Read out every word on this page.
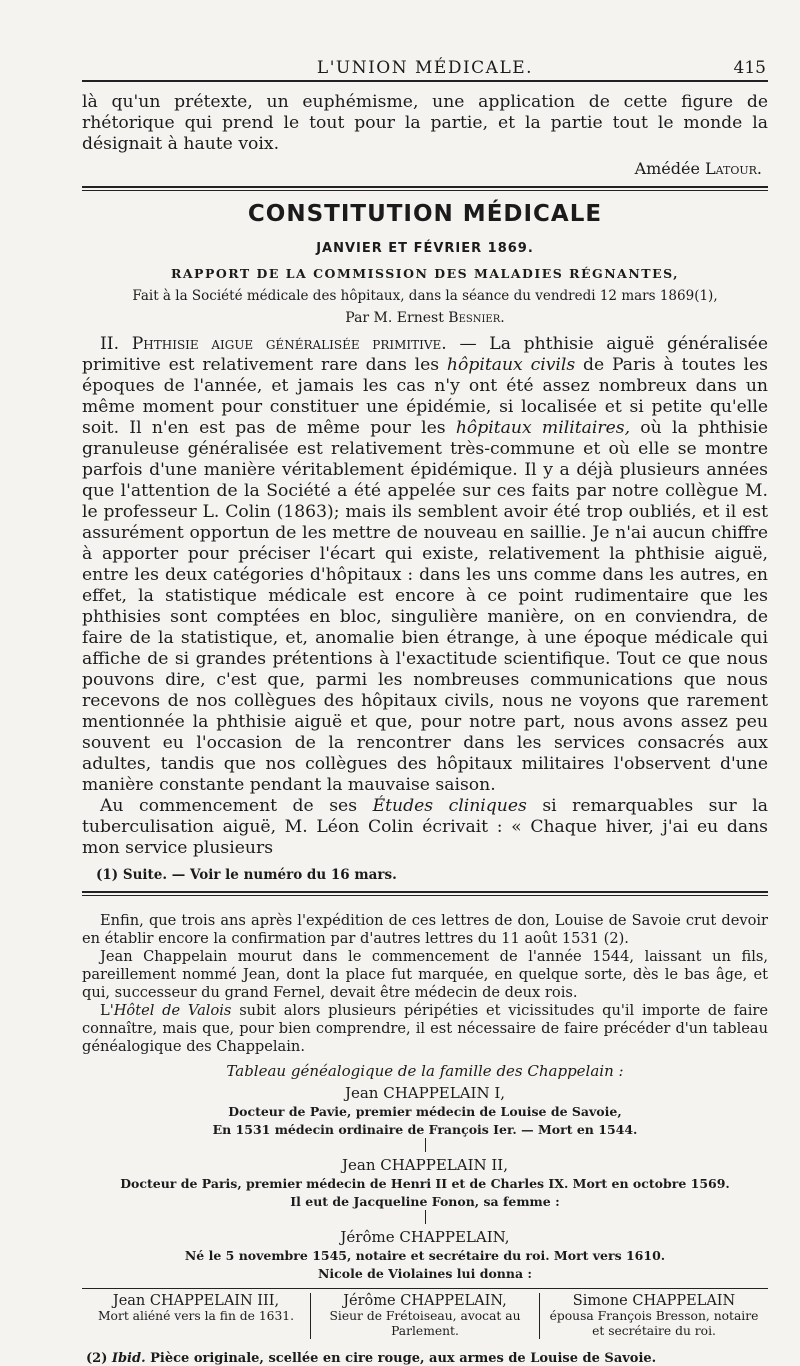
L'UNION MÉDICALE.	415

là qu'un prétexte, un euphémisme, une application de cette figure de rhétorique qui prend le tout pour la partie, et la partie tout le monde la désignait à haute voix.

Amédée Latour.
CONSTITUTION MÉDICALE
JANVIER ET FÉVRIER 1869.
RAPPORT DE LA COMMISSION DES MALADIES RÉGNANTES,
Fait à la Société médicale des hôpitaux, dans la séance du vendredi 12 mars 1869(1),
Par M. Ernest Besnier.

II. Phthisie aigue généralisée primitive. — La phthisie aiguë généralisée primitive est relativement rare dans les hôpitaux civils de Paris à toutes les époques de l'année, et jamais les cas n'y ont été assez nombreux dans un même moment pour constituer une épidémie, si localisée et si petite qu'elle soit. Il n'en est pas de même pour les hôpitaux militaires, où la phthisie granuleuse généralisée est relativement très-commune et où elle se montre parfois d'une manière véritablement épidémique. Il y a déjà plusieurs années que l'attention de la Société a été appelée sur ces faits par notre collègue M. le professeur L. Colin (1863); mais ils semblent avoir été trop oubliés, et il est assurément opportun de les mettre de nouveau en saillie. Je n'ai aucun chiffre à apporter pour préciser l'écart qui existe, relativement la phthisie aiguë, entre les deux catégories d'hôpitaux : dans les uns comme dans les autres, en effet, la statistique médicale est encore à ce point rudimentaire que les phthisies sont comptées en bloc, singulière manière, on en conviendra, de faire de la statistique, et, anomalie bien étrange, à une époque médicale qui affiche de si grandes prétentions à l'exactitude scientifique. Tout ce que nous pouvons dire, c'est que, parmi les nombreuses communications que nous recevons de nos collègues des hôpitaux civils, nous ne voyons que rarement mentionnée la phthisie aiguë et que, pour notre part, nous avons assez peu souvent eu l'occasion de la rencontrer dans les services consacrés aux adultes, tandis que nos collègues des hôpitaux militaires l'observent d'une manière constante pendant la mauvaise saison.

Au commencement de ses Études cliniques si remarquables sur la tuberculisation aiguë, M. Léon Colin écrivait : « Chaque hiver, j'ai eu dans mon service plusieurs

(1) Suite. — Voir le numéro du 16 mars.

Enfin, que trois ans après l'expédition de ces lettres de don, Louise de Savoie crut devoir en établir encore la confirmation par d'autres lettres du 11 août 1531 (2).

Jean Chappelain mourut dans le commencement de l'année 1544, laissant un fils, pareillement nommé Jean, dont la place fut marquée, en quelque sorte, dès le bas âge, et qui, successeur du grand Fernel, devait être médecin de deux rois.

L'Hôtel de Valois subit alors plusieurs péripéties et vicissitudes qu'il importe de faire connaître, mais que, pour bien comprendre, il est nécessaire de faire précéder d'un tableau généalogique des Chappelain.

Tableau généalogique de la famille des Chappelain :
Jean CHAPPELAIN I,
Docteur de Pavie, premier médecin de Louise de Savoie,
En 1531 médecin ordinaire de François Ier. — Mort en 1544.
Jean CHAPPELAIN II,
Docteur de Paris, premier médecin de Henri II et de Charles IX. Mort en octobre 1569.
Il eut de Jacqueline Fonon, sa femme :
Jérôme CHAPPELAIN,
Né le 5 novembre 1545, notaire et secrétaire du roi. Mort vers 1610.
Nicole de Violaines lui donna :
Jean CHAPPELAIN III,
Mort aliéné vers la fin de 1631.
Jérôme CHAPPELAIN,
Sieur de Frétoiseau, avocat au Parlement.
Simone CHAPPELAIN
épousa François Bresson, notaire et secrétaire du roi.
(2) Ibid. Pièce originale, scellée en cire rouge, aux armes de Louise de Savoie.
